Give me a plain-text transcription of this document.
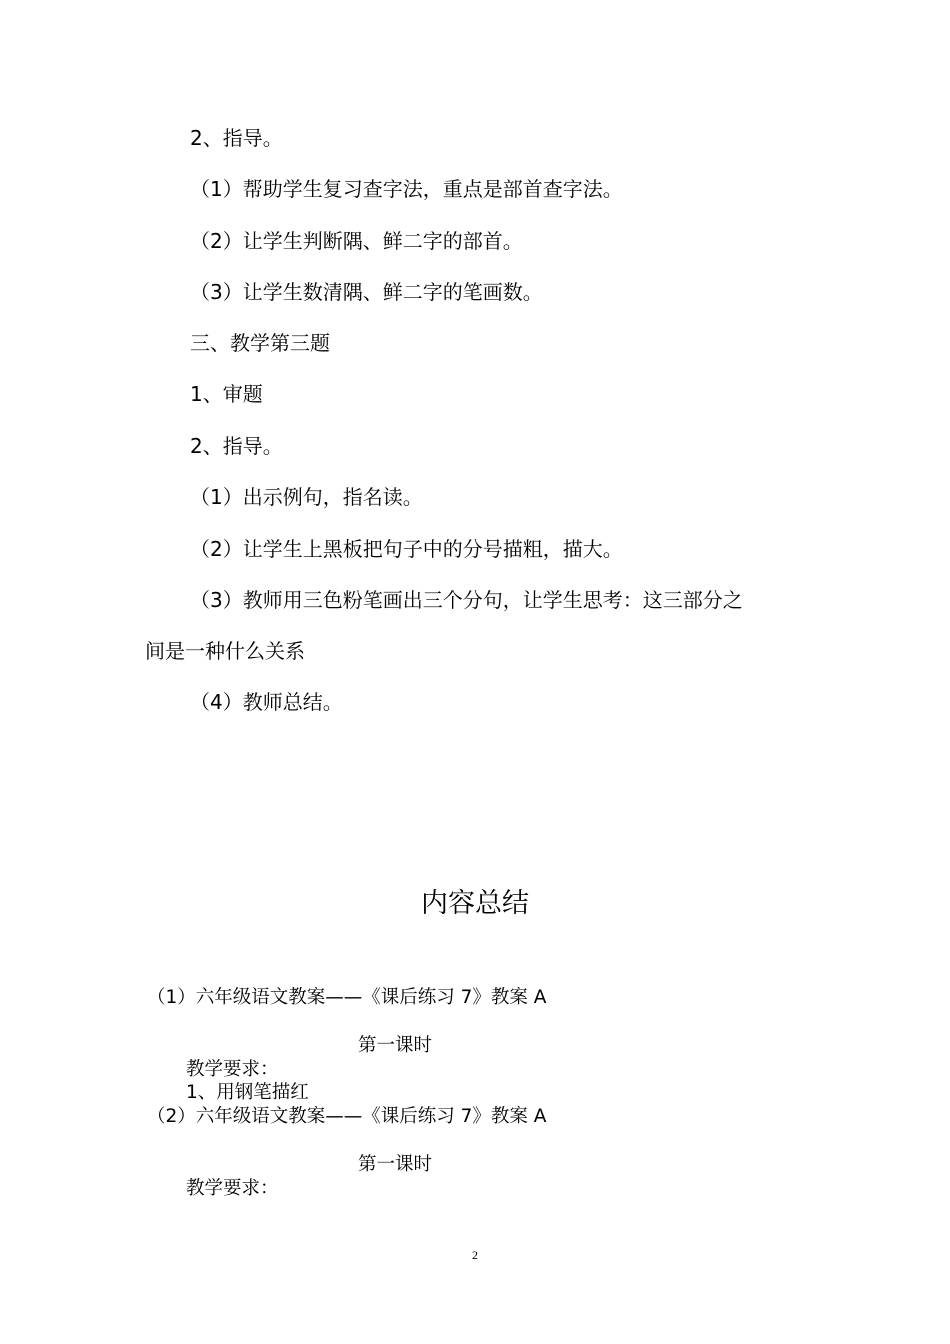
2、指导。
（1）帮助学生复习查字法，重点是部首查字法。
（2）让学生判断隅、鲜二字的部首。
（3）让学生数清隅、鲜二字的笔画数。
三、教学第三题
1、审题
2、指导。
（1）出示例句，指名读。
（2）让学生上黑板把句子中的分号描粗，描大。
（3）教师用三色粉笔画出三个分句，让学生思考：这三部分之
间是一种什么关系
（4）教师总结。
内容总结
（1）六年级语文教案——《课后练习 7》教案 A
第一课时
教学要求：
1、用钢笔描红
（2）六年级语文教案——《课后练习 7》教案 A
第一课时
教学要求：
2
